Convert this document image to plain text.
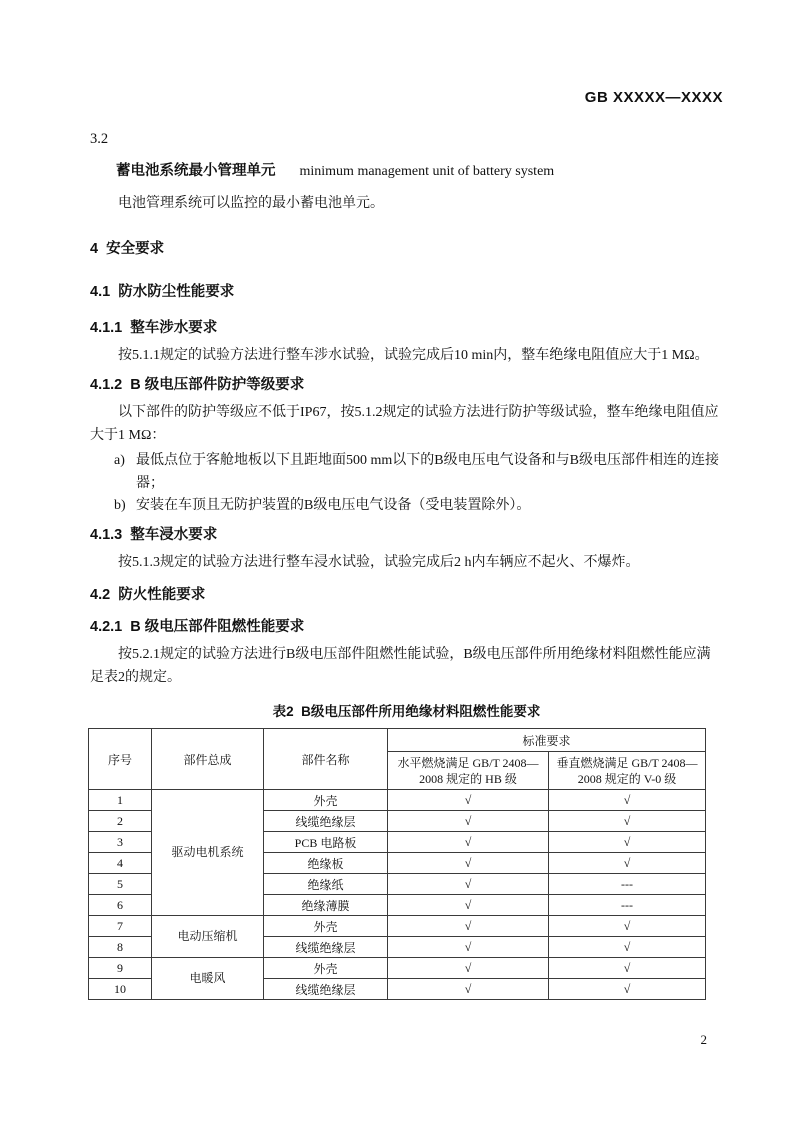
GB XXXXX—XXXX
3.2
蓄电池系统最小管理单元 minimum management unit of battery system
电池管理系统可以监控的最小蓄电池单元。
4  安全要求
4.1  防水防尘性能要求
4.1.1  整车涉水要求

按5.1.1规定的试验方法进行整车涉水试验，试验完成后10 min内，整车绝缘电阻值应大于1 MΩ。

4.1.2  B 级电压部件防护等级要求

以下部件的防护等级应不低于IP67，按5.1.2规定的试验方法进行防护等级试验，整车绝缘电阻值应大于1 MΩ：

a) 最低点位于客舱地板以下且距地面500 mm以下的B级电压电气设备和与B级电压部件相连的连接器；
b) 安装在车顶且无防护装置的B级电压电气设备（受电装置除外）。
4.1.3  整车浸水要求

按5.1.3规定的试验方法进行整车浸水试验，试验完成后2 h内车辆应不起火、不爆炸。

4.2  防火性能要求
4.2.1  B 级电压部件阻燃性能要求

按5.2.1规定的试验方法进行B级电压部件阻燃性能试验，B级电压部件所用绝缘材料阻燃性能应满足表2的规定。

表2  B级电压部件所用绝缘材料阻燃性能要求
序号	部件总成	部件名称	标准要求	
			水平燃烧满足 GB/T 2408—2008 规定的 HB 级	垂直燃烧满足 GB/T 2408—2008 规定的 V-0 级
1	驱动电机系统	外壳	√	√
2		线缆绝缘层	√	√
3		PCB 电路板	√	√
4		绝缘板	√	√
5		绝缘纸	√	---
6		绝缘薄膜	√	---
7	电动压缩机	外壳	√	√
8		线缆绝缘层	√	√
9	电暖风	外壳	√	√
10		线缆绝缘层	√	√
2
